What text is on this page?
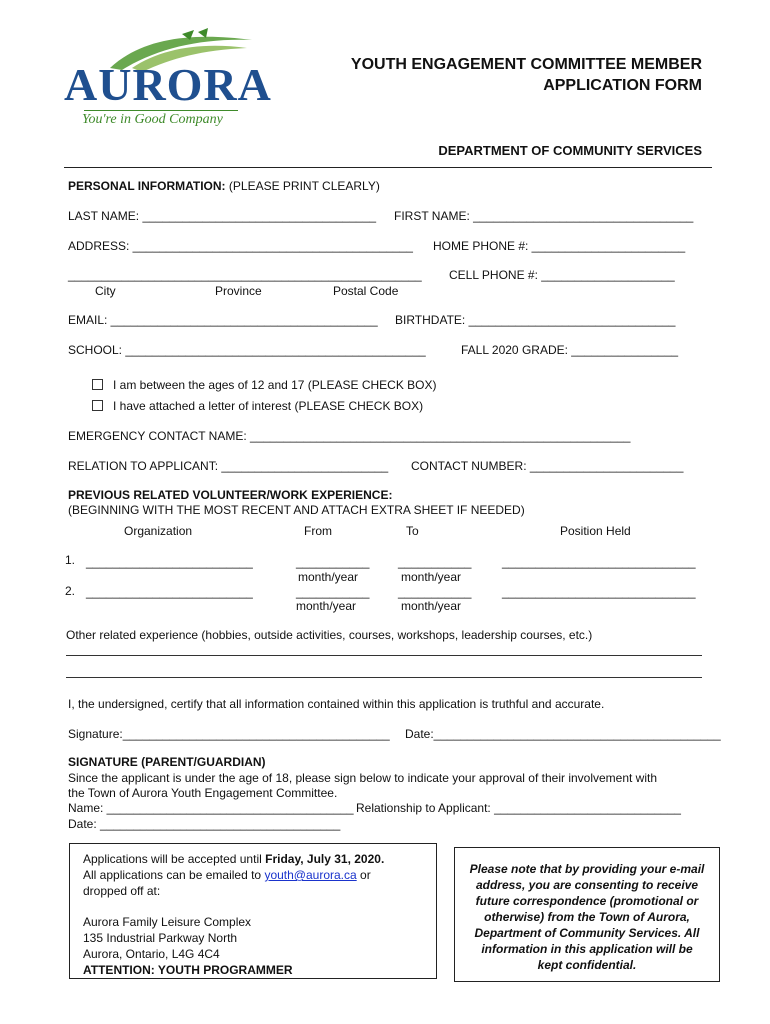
AURORA
You're in Good Company
YOUTH ENGAGEMENT COMMITTEE MEMBER
APPLICATION FORM
DEPARTMENT OF COMMUNITY SERVICES
PERSONAL INFORMATION: (PLEASE PRINT CLEARLY)
LAST NAME: ___________________________________ FIRST NAME: _________________________________
ADDRESS: __________________________________________ HOME PHONE #: _______________________
_____________________________________________________ CELL PHONE #: ____________________
City	Province	Postal Code
EMAIL: ________________________________________ BIRTHDATE: _______________________________
SCHOOL: _____________________________________________	FALL 2020 GRADE: ________________
I am between the ages of 12 and 17 (PLEASE CHECK BOX)
I have attached a letter of interest (PLEASE CHECK BOX)
EMERGENCY CONTACT NAME: _________________________________________________________
RELATION TO APPLICANT: _________________________ CONTACT NUMBER: _______________________
PREVIOUS RELATED VOLUNTEER/WORK EXPERIENCE:
(BEGINNING WITH THE MOST RECENT AND ATTACH EXTRA SHEET IF NEEDED)
Organization	From	To	Position Held
1. _________________________	___________ ___________	_____________________________
month/year	month/year
2. _________________________	___________ ___________	_____________________________
month/year	month/year
Other related experience (hobbies, outside activities, courses, workshops, leadership courses, etc.)
I, the undersigned, certify that all information contained within this application is truthful and accurate.
Signature:________________________________________ Date:___________________________________________
SIGNATURE (PARENT/GUARDIAN)
Since the applicant is under the age of 18, please sign below to indicate your approval of their involvement with
the Town of Aurora Youth Engagement Committee.
Name: _____________________________________ Relationship to Applicant: ____________________________
Date: ____________________________________
Applications will be accepted until Friday, July 31, 2020.
All applications can be emailed to youth@aurora.ca or
dropped off at:
Aurora Family Leisure Complex
135 Industrial Parkway North
Aurora, Ontario, L4G 4C4
ATTENTION: YOUTH PROGRAMMER
Please note that by providing your e-mail
address, you are consenting to receive
future correspondence (promotional or
otherwise) from the Town of Aurora,
Department of Community Services. All
information in this application will be
kept confidential.
